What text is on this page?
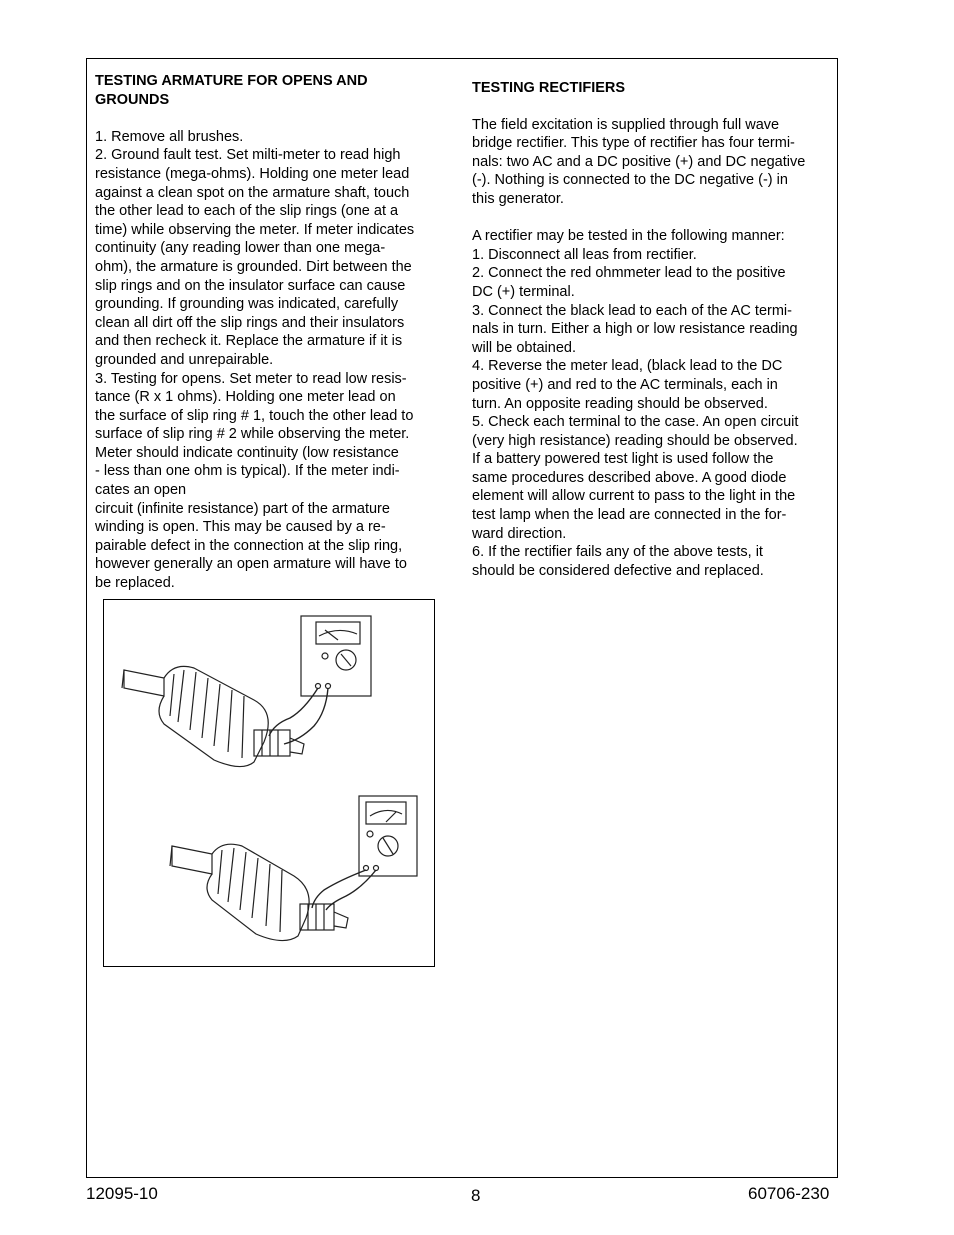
TESTING ARMATURE FOR OPENS AND
GROUNDS

1. Remove all brushes.
2. Ground fault test. Set milti-meter to read high
resistance (mega-ohms). Holding one meter lead
against a clean spot on the armature shaft, touch
the other lead to each of the slip rings (one at a
time) while observing the meter. If meter indicates
continuity (any reading lower than one mega-
ohm), the armature is grounded. Dirt between the
slip rings and on the insulator surface can cause
grounding. If grounding was indicated, carefully
clean all dirt off the slip rings and their insulators
and then recheck it. Replace the armature if it is
grounded and unrepairable.
3. Testing for opens. Set meter to read low resis-
tance (R x 1 ohms). Holding one meter lead on
the surface of slip ring # 1, touch the other lead to
surface of slip ring # 2 while observing the meter.
Meter should indicate continuity (low resistance
- less than one ohm is typical). If the meter indi-
cates an open
circuit (infinite resistance) part of the armature
winding is open. This may be caused by a re-
pairable defect in the connection at the slip ring,
however generally an open armature will have to
be replaced.

TESTING RECTIFIERS

The field excitation is supplied through full wave
bridge rectifier. This type of rectifier has four termi-
nals: two AC and a DC positive (+) and DC negative
(-). Nothing is connected to the DC negative (-) in
this generator.

A rectifier may be tested in the following manner:
1. Disconnect all leas from rectifier.
2. Connect the red ohmmeter lead to the positive
DC (+) terminal.
3. Connect the black lead to each of the AC termi-
nals in turn. Either a high or low resistance reading
will be obtained.
4. Reverse the meter lead, (black lead to the DC
positive (+) and red to the AC terminals, each in
turn. An opposite reading should be observed.
5. Check each terminal to the case. An open circuit
(very high resistance) reading should be observed.
If a battery powered test light is used follow the
same procedures described above. A good diode
element will allow current to pass to the light in the
test lamp when the lead are connected in the for-
ward direction.
6. If the rectifier fails any of the above tests, it
should be considered defective and replaced.

12095-10	8	60706-230
